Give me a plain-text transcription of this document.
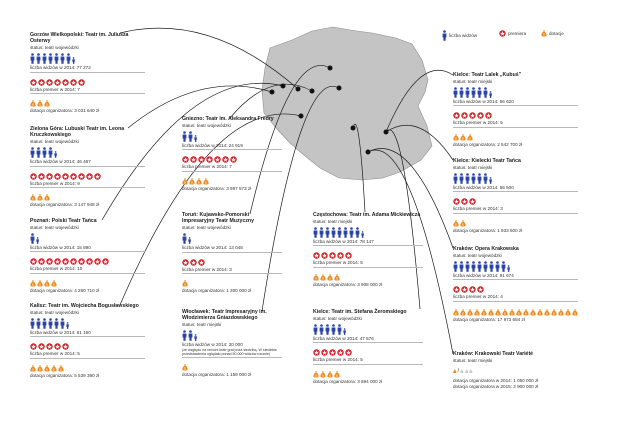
liczba widzów	premiera	$ dotacje
Gorzów Wielkopolski: Teatr im. Juliusza Osterwy
status: teatr wojewódzki
liczba widzów w 2014: 77 272
liczba premier w 2014: 7
$ $ $
dotacja organizatora: 3 031 640 zł
Zielona Góra: Lubuski Teatr im. Leona Kruczkowskiego
status: teatr wojewódzki
liczba widzów w 2014: 46 467
liczba premier w 2014: 9
$ $ $
dotacja organizatora: 3 147 948 zł
Poznań: Polski Teatr Tańca
status: teatr wojewódzki
liczba widzów w 2014: 15 890
liczba premier w 2014: 10
$ $ $ $
dotacja organizatora: 4 260 710 zł
Kalisz: Teatr im. Wojciecha Bogusławskiego
status: teatr wojewódzki
liczba widzów w 2014: 61 160
liczba premier w 2014: 5
$ $ $ $ $
dotacja organizatora: 5 539 390 zł
Gniezno: Teatr im. Aleksandra Fredry
status: teatr wojewódzki
liczba widzów w 2014: 24 919
liczba premier w 2014: 7
$ $ $ $
dotacja organizatora: 3 997 573 zł
Toruń: Kujawsko-Pomorski Impresaryjny Teatr Muzyczny
status: teatr wojewódzki
liczba widzów w 2014: 13 048
liczba premier w 2014: 3
$
dotacja organizatora: 1 300 000 zł
Włocławek: Teatr Impresaryjny im. Włodzimierza Gniazdowskiego
status: teatr miejski
liczba widzów w 2014: 20 000
(ze względu na remont teatr grał poza siedzibą. W siedzibie przedstawienia oglądało ponad 50 000 widzów rocznie)
$
dotacja organizatora: 1 159 000 zł
Częstochowa: Teatr im. Adama Mickiewicza
status: teatr miejski
liczba widzów w 2014: 78 147
liczba premier w 2014: 5
$ $ $ $
dotacja organizatora: 3 908 000 zł
Kielce: Teatr im. Stefana Żeromskiego
status: teatr wojewódzki
liczba widzów w 2014: 47 576
liczba premier w 2014: 5
$ $ $ $
dotacja organizatora: 3 894 000 zł
Kielce: Teatr Lalek „Kubuś”
status: teatr miejski
liczba widzów w 2014: 56 620
liczba premier w 2014: 5
$ $ $
dotacja organizatora: 2 542 700 zł
Kielce: Kielecki Teatr Tańca
status: teatr miejski
liczba widzów w 2014: 56 500
liczba premier w 2014: 3
$ $
dotacja organizatora: 1 933 500 zł
Kraków: Opera Krakowska
status: teatr wojewódzki
liczba widzów w 2014: 91 674
liczba premier w 2014: 4
$ $ $ $ $ $ $ $ $ $ $ $ $ $ $ $ $ $
dotacja organizatora: 17 973 684 zł
Kraków: Krakowski Teatr Variété
status: teatr miejski
/
dotacja organizatora w 2014: 1 050 000 zł
dotacja organizatora w 2015: 2 900 000 zł
